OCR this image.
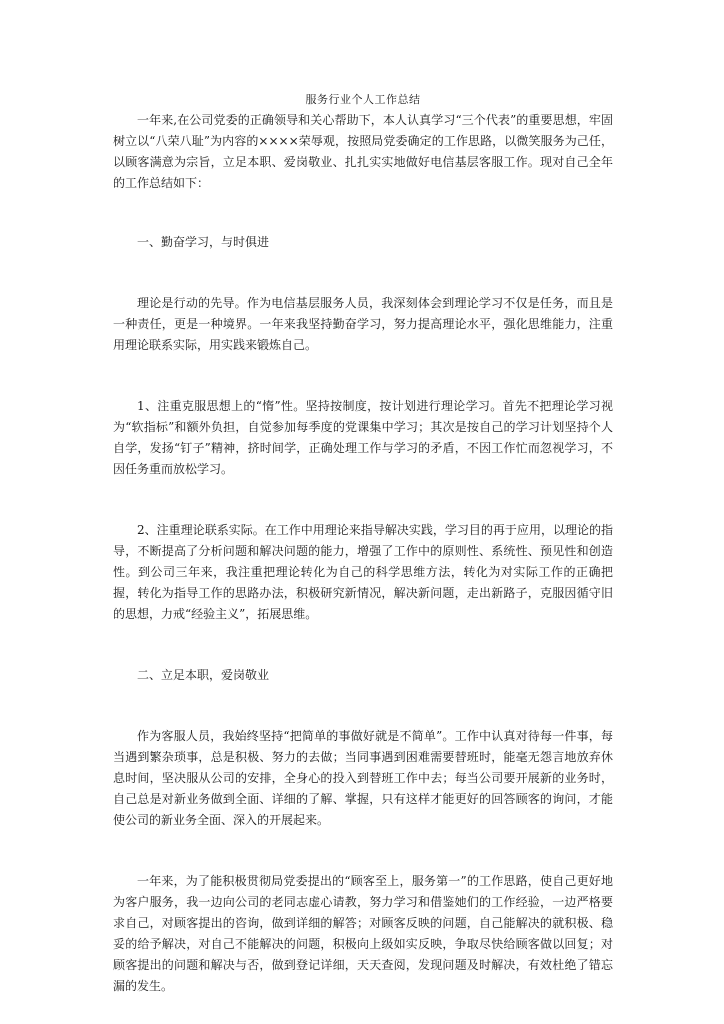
服务行业个人工作总结

一年来,在公司党委的正确领导和关心帮助下，本人认真学习“三个代表”的重要思想，牢固树立以“八荣八耻”为内容的××××荣辱观，按照局党委确定的工作思路，以微笑服务为己任，以顾客满意为宗旨，立足本职、爱岗敬业、扎扎实实地做好电信基层客服工作。现对自己全年的工作总结如下：

一、勤奋学习，与时俱进

理论是行动的先导。作为电信基层服务人员，我深刻体会到理论学习不仅是任务，而且是一种责任，更是一种境界。一年来我坚持勤奋学习，努力提高理论水平，强化思维能力，注重用理论联系实际，用实践来锻炼自己。

1、注重克服思想上的“惰”性。坚持按制度，按计划进行理论学习。首先不把理论学习视为“软指标”和额外负担，自觉参加每季度的党课集中学习；其次是按自己的学习计划坚持个人自学，发扬“钉子”精神，挤时间学，正确处理工作与学习的矛盾，不因工作忙而忽视学习，不因任务重而放松学习。

2、注重理论联系实际。在工作中用理论来指导解决实践，学习目的再于应用，以理论的指导，不断提高了分析问题和解决问题的能力，增强了工作中的原则性、系统性、预见性和创造性。到公司三年来，我注重把理论转化为自己的科学思维方法，转化为对实际工作的正确把握，转化为指导工作的思路办法，积极研究新情况，解决新问题，走出新路子，克服因循守旧的思想，力戒“经验主义”，拓展思维。

二、立足本职，爱岗敬业

作为客服人员，我始终坚持“把简单的事做好就是不简单”。工作中认真对待每一件事，每当遇到繁杂琐事，总是积极、努力的去做；当同事遇到困难需要替班时，能毫无怨言地放弃休息时间，坚决服从公司的安排，全身心的投入到替班工作中去；每当公司要开展新的业务时，自己总是对新业务做到全面、详细的了解、掌握，只有这样才能更好的回答顾客的询问，才能使公司的新业务全面、深入的开展起来。

一年来，为了能积极贯彻局党委提出的“顾客至上，服务第一”的工作思路，使自己更好地为客户服务，我一边向公司的老同志虚心请教，努力学习和借鉴她们的工作经验，一边严格要求自己，对顾客提出的咨询，做到详细的解答；对顾客反映的问题，自己能解决的就积极、稳妥的给予解决，对自己不能解决的问题，积极向上级如实反映，争取尽快给顾客做以回复；对顾客提出的问题和解决与否，做到登记详细，天天查阅，发现问题及时解决，有效杜绝了错忘漏的发生。
